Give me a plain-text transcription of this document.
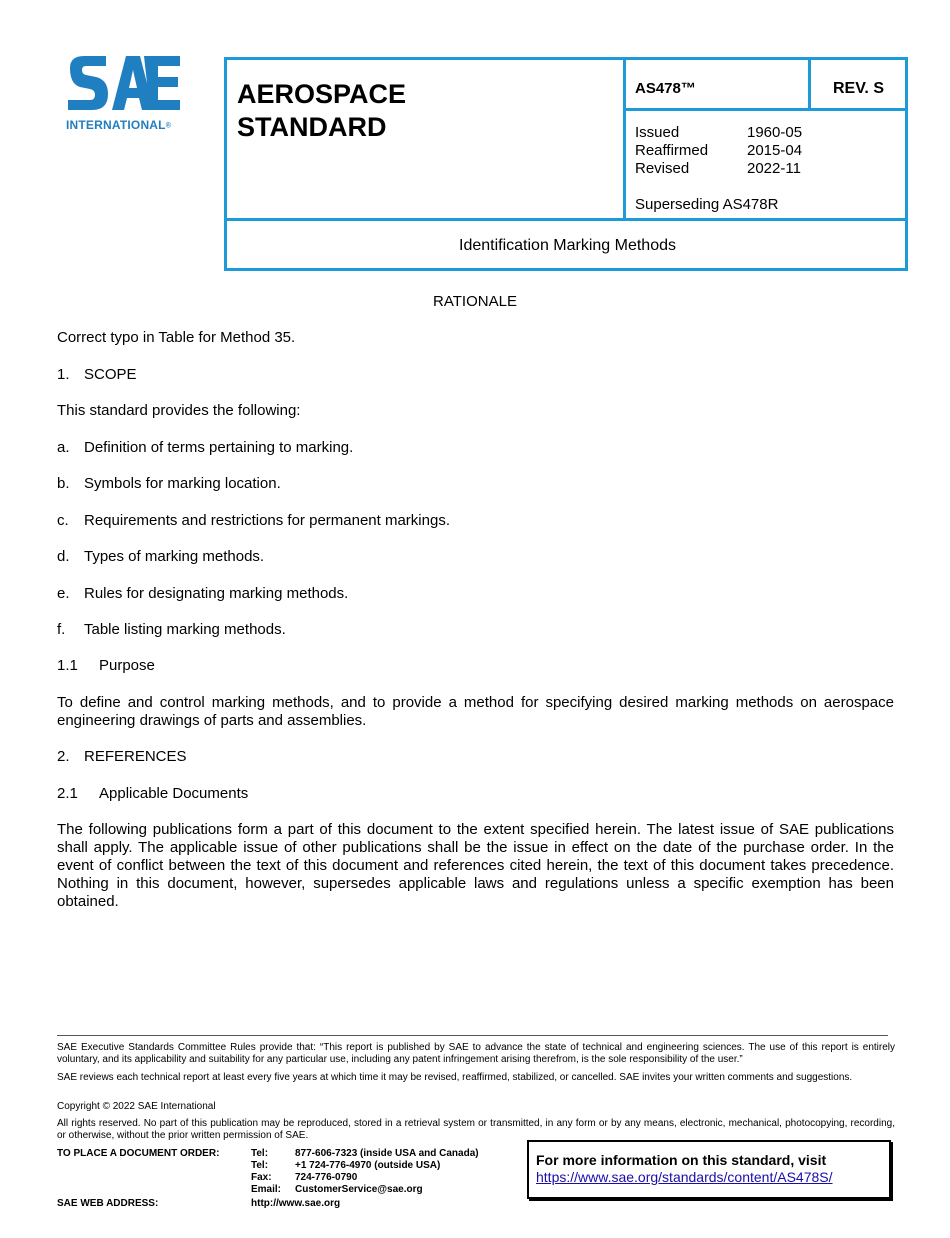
INTERNATIONAL®
AEROSPACE
STANDARD
AS478™	REV. S
Issued	1960-05
Reaffirmed	2015-04
Revised	2022-11
Superseding AS478R
Identification Marking Methods
RATIONALE
Correct typo in Table for Method 35.
1. SCOPE
This standard provides the following:
a. Definition of terms pertaining to marking.
b. Symbols for marking location.
c.	Requirements and restrictions for permanent markings.
d. Types of marking methods.
e. Rules for designating marking methods.
f.	Table listing marking methods.
1.1	Purpose
To define and control marking methods, and to provide a method for specifying desired marking methods on aerospace engineering drawings of parts and assemblies.
2. REFERENCES
2.1	Applicable Documents
The following publications form a part of this document to the extent specified herein. The latest issue of SAE publications shall apply. The applicable issue of other publications shall be the issue in effect on the date of the purchase order. In the event of conflict between the text of this document and references cited herein, the text of this document takes precedence. Nothing in this document, however, supersedes applicable laws and regulations unless a specific exemption has been obtained.
SAE Executive Standards Committee Rules provide that: “This report is published by SAE to advance the state of technical and engineering sciences. The use of this report is entirely voluntary, and its applicability and suitability for any particular use, including any patent infringement arising therefrom, is the sole responsibility of the user.”
SAE reviews each technical report at least every five years at which time it may be revised, reaffirmed, stabilized, or cancelled. SAE invites your written comments and suggestions.
Copyright © 2022 SAE International
All rights reserved. No part of this publication may be reproduced, stored in a retrieval system or transmitted, in any form or by any means, electronic, mechanical, photocopying, recording, or otherwise, without the prior written permission of SAE.
TO PLACE A DOCUMENT ORDER:	Tel:	877-606-7323 (inside USA and Canada)
Tel:	+1 724-776-4970 (outside USA)
Fax:	724-776-0790
Email:	CustomerService@sae.org
SAE WEB ADDRESS:	http://www.sae.org
For more information on this standard, visit
https://www.sae.org/standards/content/AS478S/
